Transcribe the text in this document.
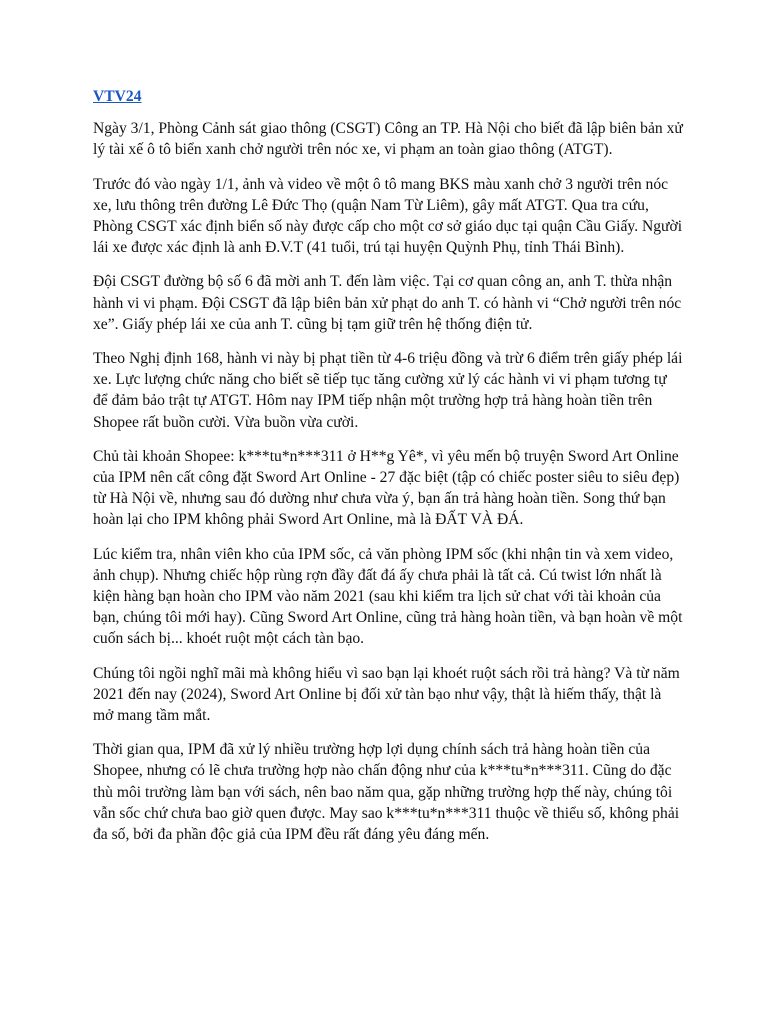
VTV24

Ngày 3/1, Phòng Cảnh sát giao thông (CSGT) Công an TP. Hà Nội cho biết đã lập biên bản xử lý tài xế ô tô biển xanh chở người trên nóc xe, vi phạm an toàn giao thông (ATGT).

Trước đó vào ngày 1/1, ảnh và video về một ô tô mang BKS màu xanh chở 3 người trên nóc xe, lưu thông trên đường Lê Đức Thọ (quận Nam Từ Liêm), gây mất ATGT. Qua tra cứu, Phòng CSGT xác định biển số này được cấp cho một cơ sở giáo dục tại quận Cầu Giấy. Người lái xe được xác định là anh Đ.V.T (41 tuổi, trú tại huyện Quỳnh Phụ, tỉnh Thái Bình).

Đội CSGT đường bộ số 6 đã mời anh T. đến làm việc. Tại cơ quan công an, anh T. thừa nhận hành vi vi phạm. Đội CSGT đã lập biên bản xử phạt do anh T. có hành vi “Chở người trên nóc xe”. Giấy phép lái xe của anh T. cũng bị tạm giữ trên hệ thống điện tử.

Theo Nghị định 168, hành vi này bị phạt tiền từ 4-6 triệu đồng và trừ 6 điểm trên giấy phép lái xe. Lực lượng chức năng cho biết sẽ tiếp tục tăng cường xử lý các hành vi vi phạm tương tự để đảm bảo trật tự ATGT. Hôm nay IPM tiếp nhận một trường hợp trả hàng hoàn tiền trên Shopee rất buồn cười. Vừa buồn vừa cười.

Chủ tài khoản Shopee: k***tu*n***311 ở H**g Yê*, vì yêu mến bộ truyện Sword Art Online của IPM nên cất công đặt Sword Art Online - 27 đặc biệt (tập có chiếc poster siêu to siêu đẹp) từ Hà Nội về, nhưng sau đó dường như chưa vừa ý, bạn ấn trả hàng hoàn tiền. Song thứ bạn hoàn lại cho IPM không phải Sword Art Online, mà là ĐẤT VÀ ĐÁ.

Lúc kiểm tra, nhân viên kho của IPM sốc, cả văn phòng IPM sốc (khi nhận tin và xem video, ảnh chụp). Nhưng chiếc hộp rùng rợn đầy đất đá ấy chưa phải là tất cả. Cú twist lớn nhất là kiện hàng bạn hoàn cho IPM vào năm 2021 (sau khi kiểm tra lịch sử chat với tài khoản của bạn, chúng tôi mới hay). Cũng Sword Art Online, cũng trả hàng hoàn tiền, và bạn hoàn về một cuốn sách bị... khoét ruột một cách tàn bạo.

Chúng tôi ngồi nghĩ mãi mà không hiểu vì sao bạn lại khoét ruột sách rồi trả hàng? Và từ năm 2021 đến nay (2024), Sword Art Online bị đối xử tàn bạo như vậy, thật là hiếm thấy, thật là mở mang tầm mắt.

Thời gian qua, IPM đã xử lý nhiều trường hợp lợi dụng chính sách trả hàng hoàn tiền của Shopee, nhưng có lẽ chưa trường hợp nào chấn động như của k***tu*n***311. Cũng do đặc thù môi trường làm bạn với sách, nên bao năm qua, gặp những trường hợp thế này, chúng tôi vẫn sốc chứ chưa bao giờ quen được. May sao k***tu*n***311 thuộc về thiểu số, không phải đa số, bởi đa phần độc giả của IPM đều rất đáng yêu đáng mến.
